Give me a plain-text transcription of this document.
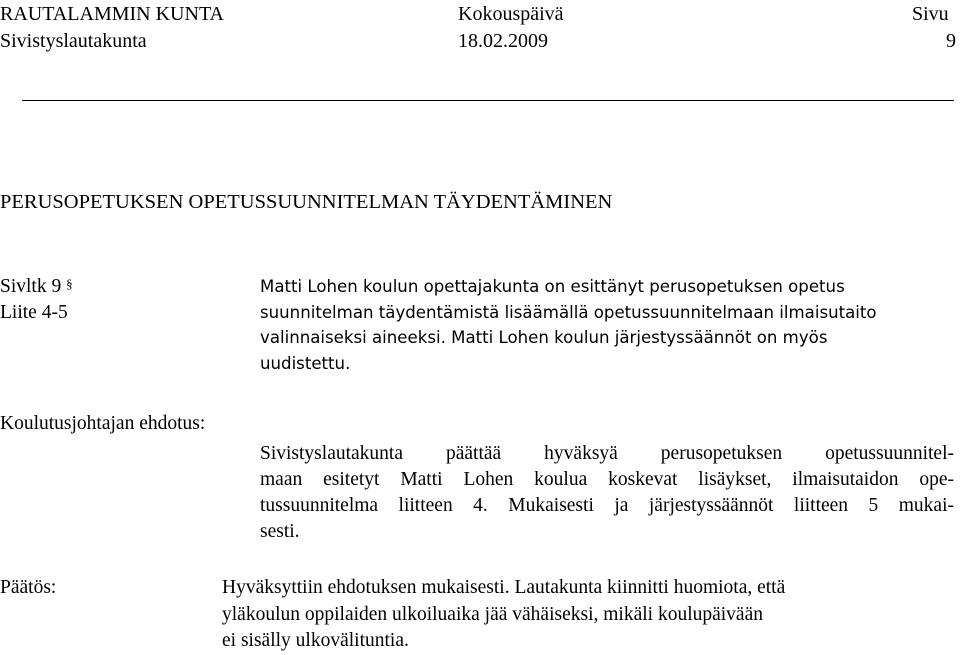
RAUTALAMMIN KUNTA	Kokouspäivä	Sivu
Sivistyslautakunta	18.02.2009	9
PERUSOPETUKSEN OPETUSSUUNNITELMAN TÄYDENTÄMINEN
Sivltk 9 §
Liite 4-5
Matti Lohen koulun opettajakunta on esittänyt perusopetuksen opetus
suunnitelman täydentämistä lisäämällä opetussuunnitelmaan ilmaisutaito
valinnaiseksi aineeksi. Matti Lohen koulun järjestyssäännöt on myös
uudistettu.
Koulutusjohtajan ehdotus:
Sivistyslautakunta päättää hyväksyä perusopetuksen opetussuunnitel-
maan esitetyt Matti Lohen koulua koskevat lisäykset, ilmaisutaidon ope-
tussuunnitelma liitteen 4. Mukaisesti ja järjestyssäännöt liitteen 5 mukai-
sesti.
Päätös:	Hyväksyttiin ehdotuksen mukaisesti. Lautakunta kiinnitti huomiota, että
yläkoulun oppilaiden ulkoiluaika jää vähäiseksi, mikäli koulupäivään
ei sisälly ulkovälituntia.
